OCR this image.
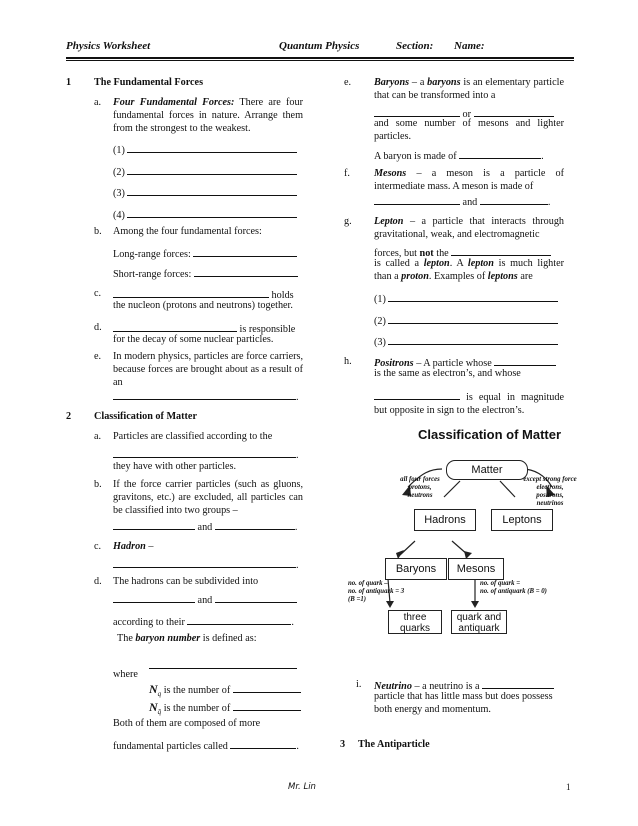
Physics Worksheet	Quantum Physics	Section: Name:
1 The Fundamental Forces
a. Four Fundamental Forces: There are four fundamental forces in nature. Arrange them from the strongest to the weakest.
(1)
(2)
(3)
(4)
b. Among the four fundamental forces:
Long-range forces:
Short-range forces:
c.	holds
the nucleon (protons and neutrons) together.
d.	is responsible
for the decay of some nuclear particles.
e. In modern physics, particles are force carriers, because forces are brought about as a result of an
.
2 Classification of Matter
a. Particles are classified according to the
.
they have with other particles.
b. If the force carrier particles (such as gluons, gravitons, etc.) are excluded, all particles can be classified into two groups –
and	.
c. Hadron –
.
d. The hadrons can be subdivided into
and
according to their	.
The baryon number is defined as:
where
$N_q$ is the number of
$N_{q̄}$ is the number of
Both of them are composed of more
fundamental particles called	.
e. Baryons – a baryons is an elementary particle that can be transformed into a
or
and some number of mesons and lighter particles.
A baryon is made of	.
f. Mesons – a meson is a particle of intermediate mass. A meson is made of
and	.
g. Lepton – a particle that interacts through gravitational, weak, and electromagnetic
forces, but not the
is called a lepton. A lepton is much lighter than a proton. Examples of leptons are
(1)
(2)
(3)
h. Positrons – A particle whose
is the same as electron’s, and whose
is equal in magnitude but opposite in sign to the electron’s.
Classification of Matter
Matter
Hadrons	Leptons
Baryons	Mesons
three quarks
quark and antiquark
all four forces
protons,
neutrons
except strong force
electrons,
positrons,
neutrinos
no. of quark –
no. of antiquark = 3
(B =1)
no. of quark =
no. of antiquark (B = 0)
i. Neutrino – a neutrino is a
particle that has little mass but does possess both energy and momentum.
3 The Antiparticle
Mr. Lin	1
